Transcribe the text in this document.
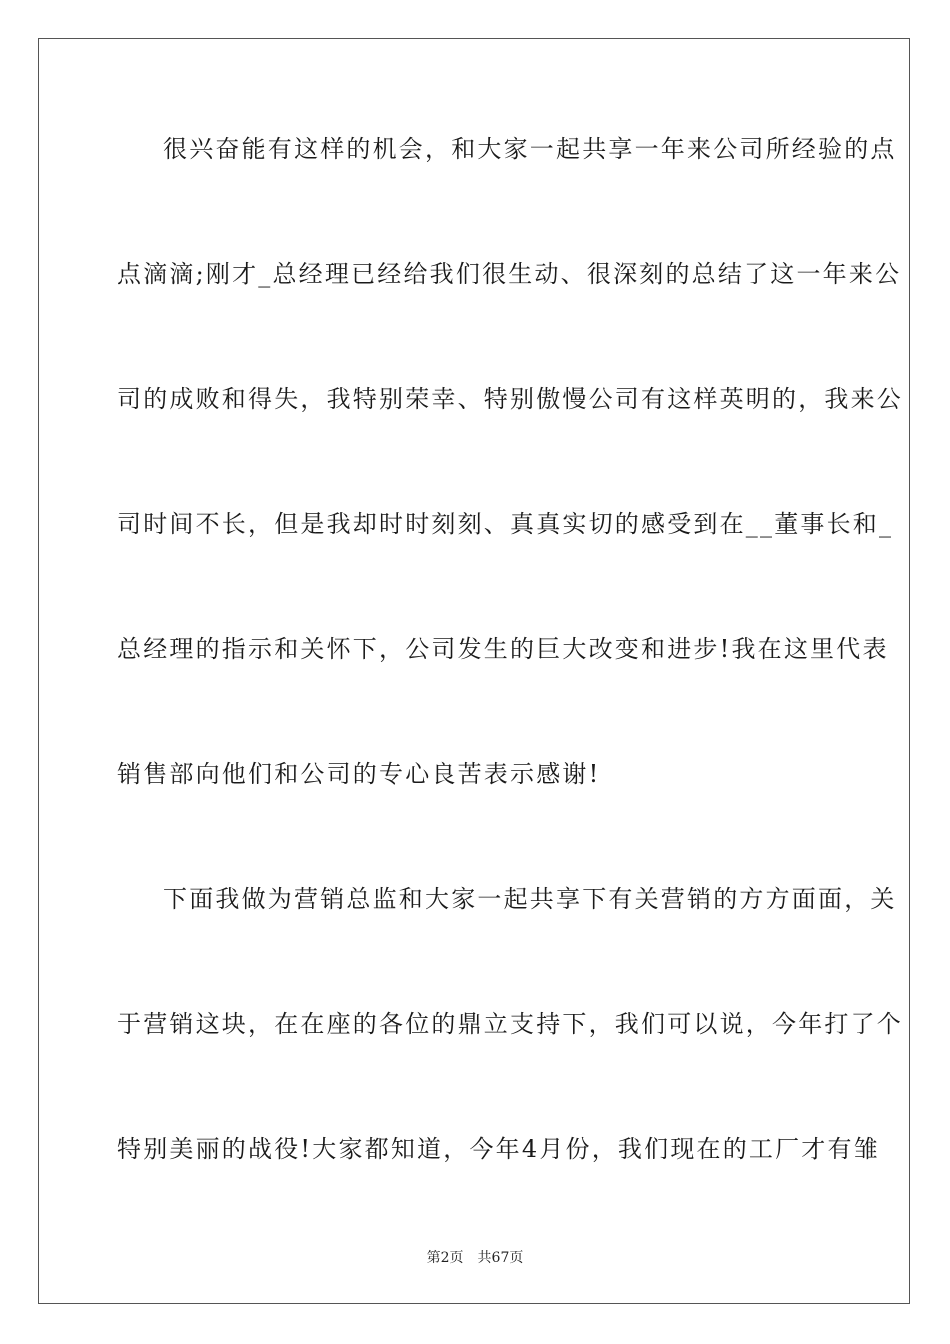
很兴奋能有这样的机会，和大家一起共享一年来公司所经验的点
点滴滴;刚才_总经理已经给我们很生动、很深刻的总结了这一年来公
司的成败和得失，我特别荣幸、特别傲慢公司有这样英明的，我来公
司时间不长，但是我却时时刻刻、真真实切的感受到在__董事长和_
总经理的指示和关怀下，公司发生的巨大改变和进步!我在这里代表
销售部向他们和公司的专心良苦表示感谢!
下面我做为营销总监和大家一起共享下有关营销的方方面面，关
于营销这块，在在座的各位的鼎立支持下，我们可以说，今年打了个
特别美丽的战役!大家都知道，今年4月份，我们现在的工厂才有雏
第2页 共67页
